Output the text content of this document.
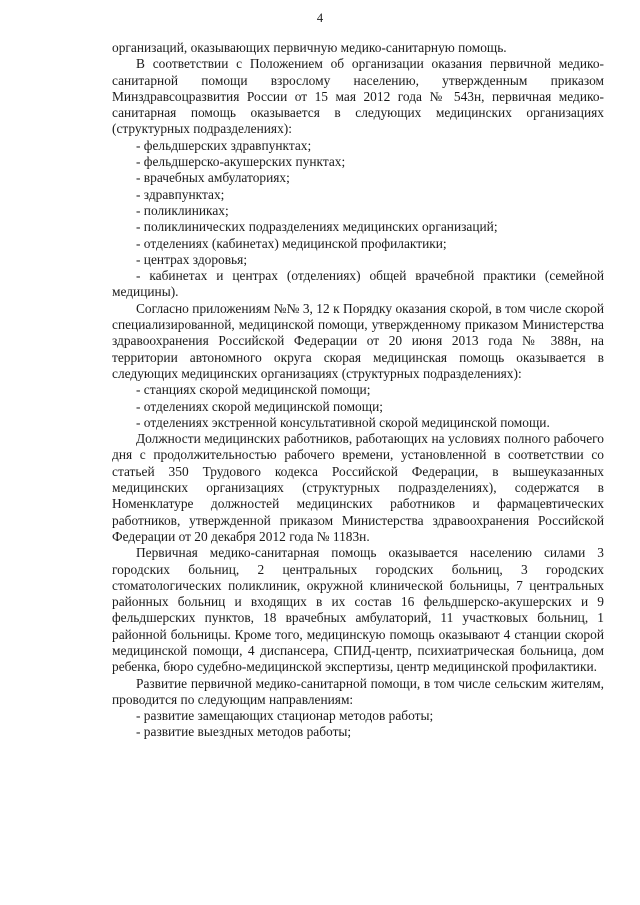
4

организаций, оказывающих первичную медико-санитарную помощь.

В соответствии с Положением об организации оказания первичной медико-санитарной помощи взрослому населению, утвержденным приказом Минздравсоцразвития России от 15 мая 2012 года № 543н, первичная медико-санитарная помощь оказывается в следующих медицинских организациях (структурных подразделениях):

- фельдшерских здравпунктах;

- фельдшерско-акушерских пунктах;

- врачебных амбулаториях;

- здравпунктах;

- поликлиниках;

- поликлинических подразделениях медицинских организаций;

- отделениях (кабинетах) медицинской профилактики;

- центрах здоровья;

- кабинетах и центрах (отделениях) общей врачебной практики (семейной медицины).

Согласно приложениям №№ 3, 12 к Порядку оказания скорой, в том числе скорой специализированной, медицинской помощи, утвержденному приказом Министерства здравоохранения Российской Федерации от 20 июня 2013 года № 388н, на территории автономного округа скорая медицинская помощь оказывается в следующих медицинских организациях (структурных подразделениях):

- станциях скорой медицинской помощи;

- отделениях скорой медицинской помощи;

- отделениях экстренной консультативной скорой медицинской помощи.

Должности медицинских работников, работающих на условиях полного рабочего дня с продолжительностью рабочего времени, установленной в соответствии со статьей 350 Трудового кодекса Российской Федерации, в вышеуказанных медицинских организациях (структурных подразделениях), содержатся в Номенклатуре должностей медицинских работников и фармацевтических работников, утвержденной приказом Министерства здравоохранения Российской Федерации от 20 декабря 2012 года № 1183н.

Первичная медико-санитарная помощь оказывается населению силами 3 городских больниц, 2 центральных городских больниц, 3 городских стоматологических поликлиник, окружной клинической больницы, 7 центральных районных больниц и входящих в их состав 16 фельдшерско-акушерских и 9 фельдшерских пунктов, 18 врачебных амбулаторий, 11 участковых больниц, 1 районной больницы. Кроме того, медицинскую помощь оказывают 4 станции скорой медицинской помощи, 4 диспансера, СПИД-центр, психиатрическая больница, дом ребенка, бюро судебно-медицинской экспертизы, центр медицинской профилактики.

Развитие первичной медико-санитарной помощи, в том числе сельским жителям, проводится по следующим направлениям:

- развитие замещающих стационар методов работы;

- развитие выездных методов работы;
